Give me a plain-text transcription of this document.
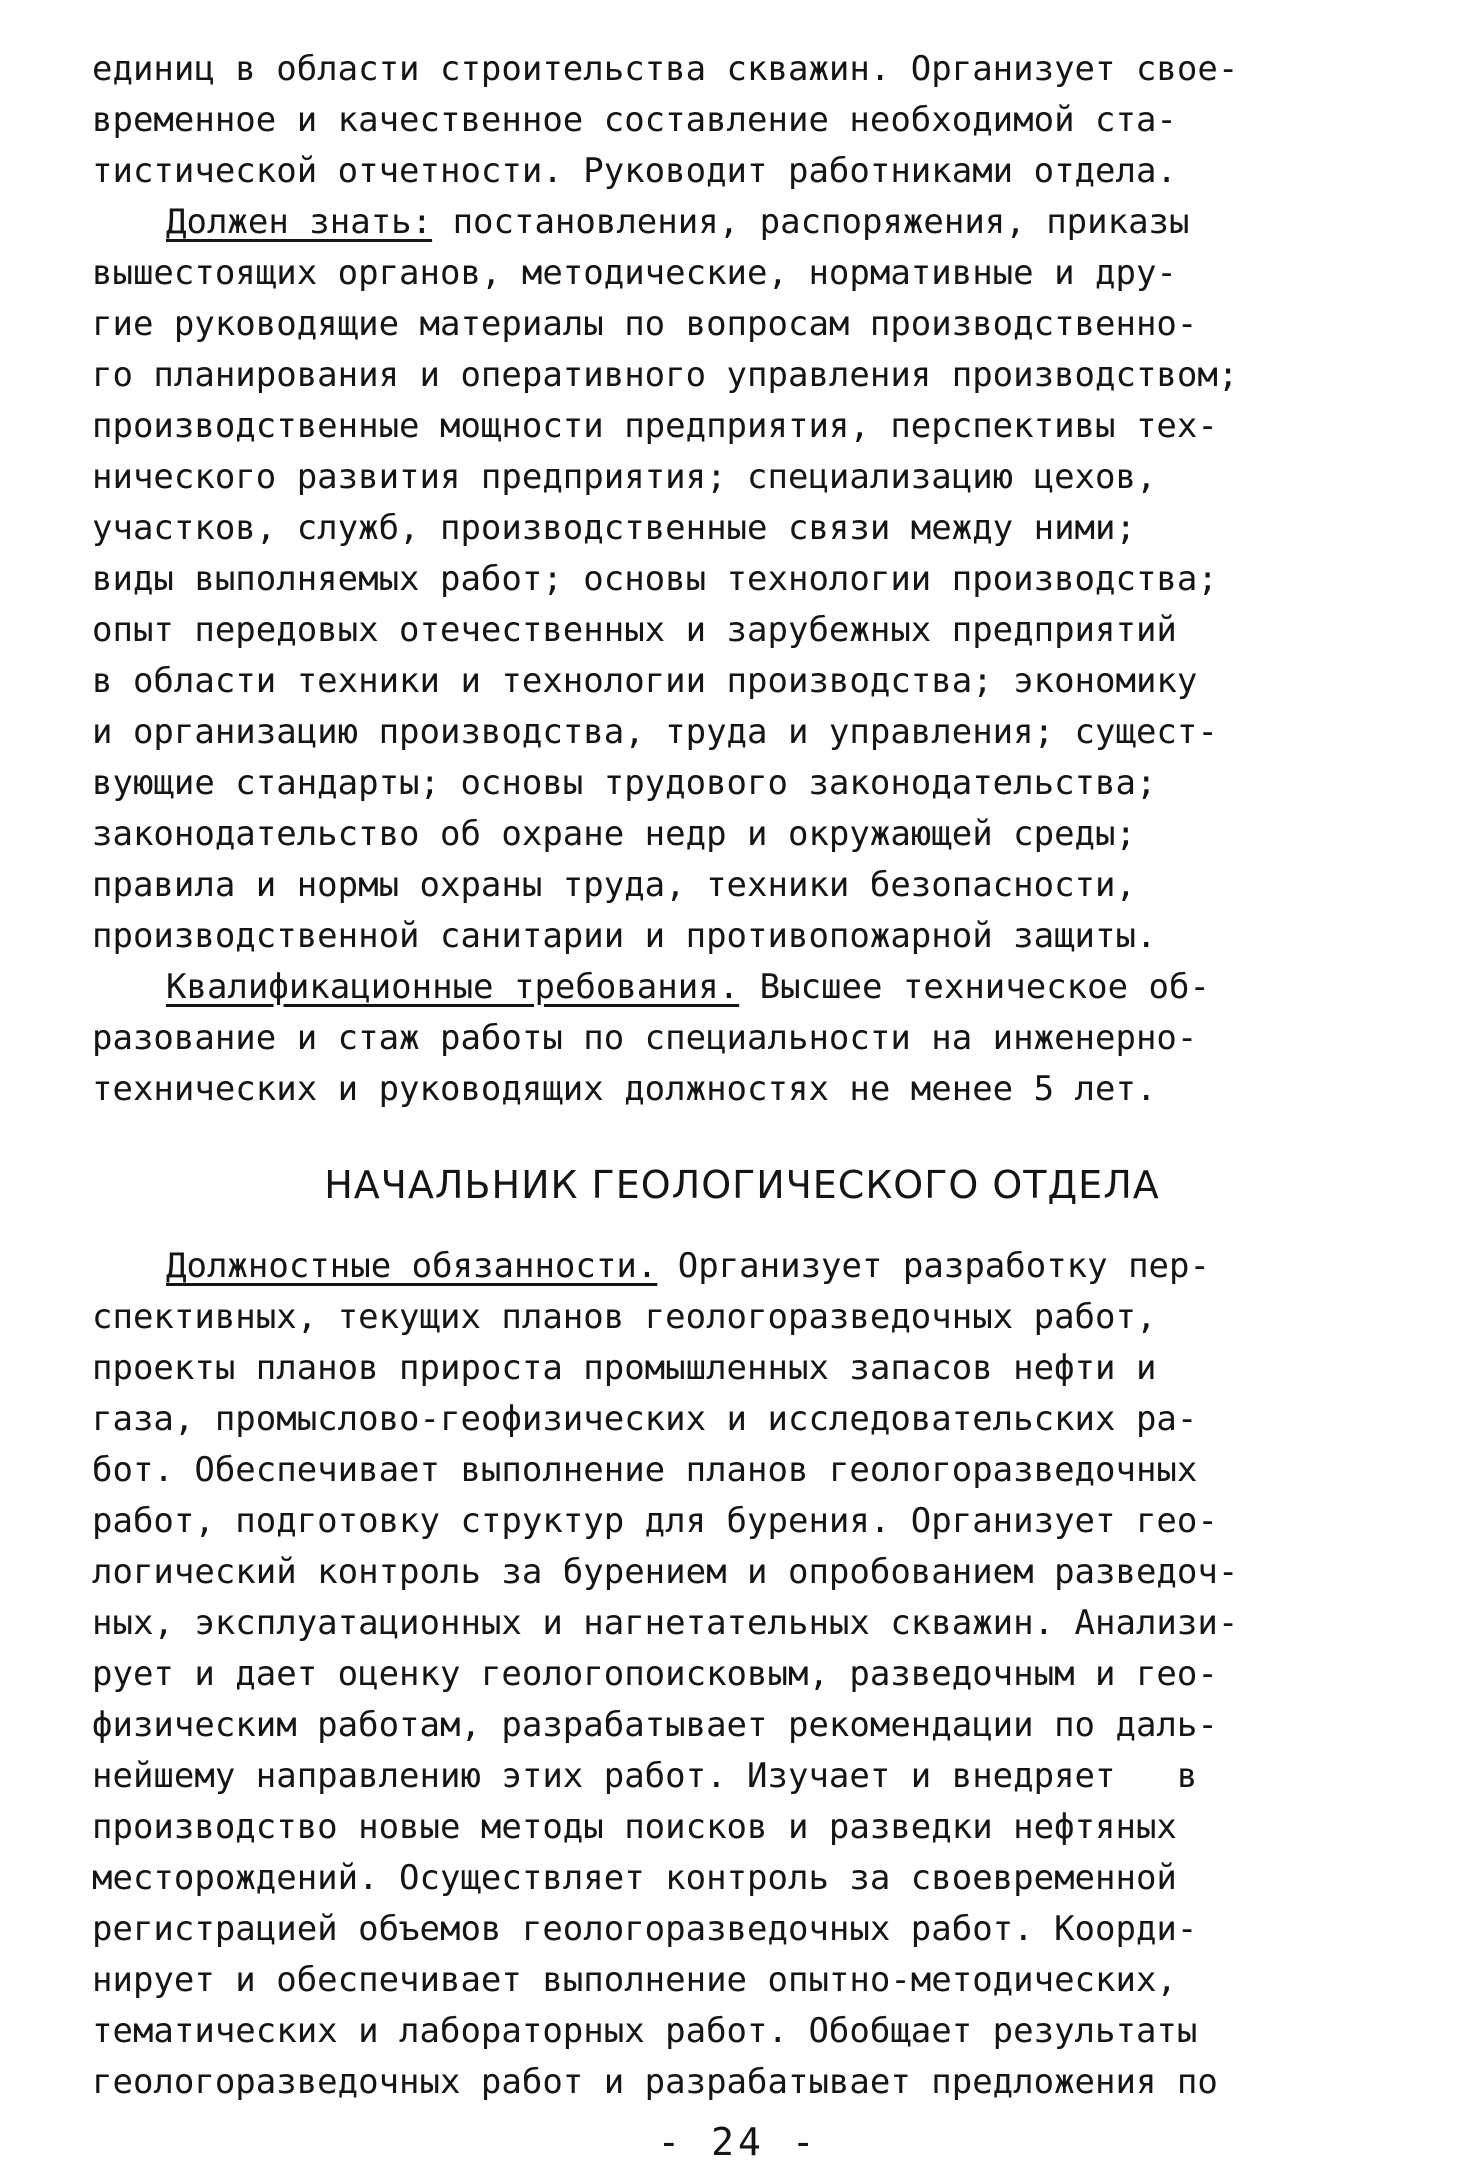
единиц в области строительства скважин. Организует свое-
временное и качественное составление необходимой ста-
тистической отчетности. Руководит работниками отдела.
Должен знать: постановления, распоряжения, приказы
вышестоящих органов, методические, нормативные и дру-
гие руководящие материалы по вопросам производственно-
го планирования и оперативного управления производством;
производственные мощности предприятия, перспективы тех-
нического развития предприятия; специализацию цехов,
участков, служб, производственные связи между ними;
виды выполняемых работ; основы технологии производства;
опыт передовых отечественных и зарубежных предприятий
в области техники и технологии производства; экономику
и организацию производства, труда и управления; сущест-
вующие стандарты; основы трудового законодательства;
законодательство об охране недр и окружающей среды;
правила и нормы охраны труда, техники безопасности,
производственной санитарии и противопожарной защиты.
Квалификационные требования. Высшее техническое об-
разование и стаж работы по специальности на инженерно-
технических и руководящих должностях не менее 5 лет.
НАЧАЛЬНИК ГЕОЛОГИЧЕСКОГО ОТДЕЛА
Должностные обязанности. Организует разработку пер-
спективных, текущих планов геологоразведочных работ,
проекты планов прироста промышленных запасов нефти и
газа, промыслово-геофизических и исследовательских ра-
бот. Обеспечивает выполнение планов геологоразведочных
работ, подготовку структур для бурения. Организует гео-
логический контроль за бурением и опробованием разведоч-
ных, эксплуатационных и нагнетательных скважин. Анализи-
рует и дает оценку геологопоисковым, разведочным и гео-
физическим работам, разрабатывает рекомендации по даль-
нейшему направлению этих работ. Изучает и внедряет   в
производство новые методы поисков и разведки нефтяных
месторождений. Осуществляет контроль за своевременной
регистрацией объемов геологоразведочных работ. Коорди-
нирует и обеспечивает выполнение опытно-методических,
тематических и лабораторных работ. Обобщает результаты
геологоразведочных работ и разрабатывает предложения по
- 24 -
